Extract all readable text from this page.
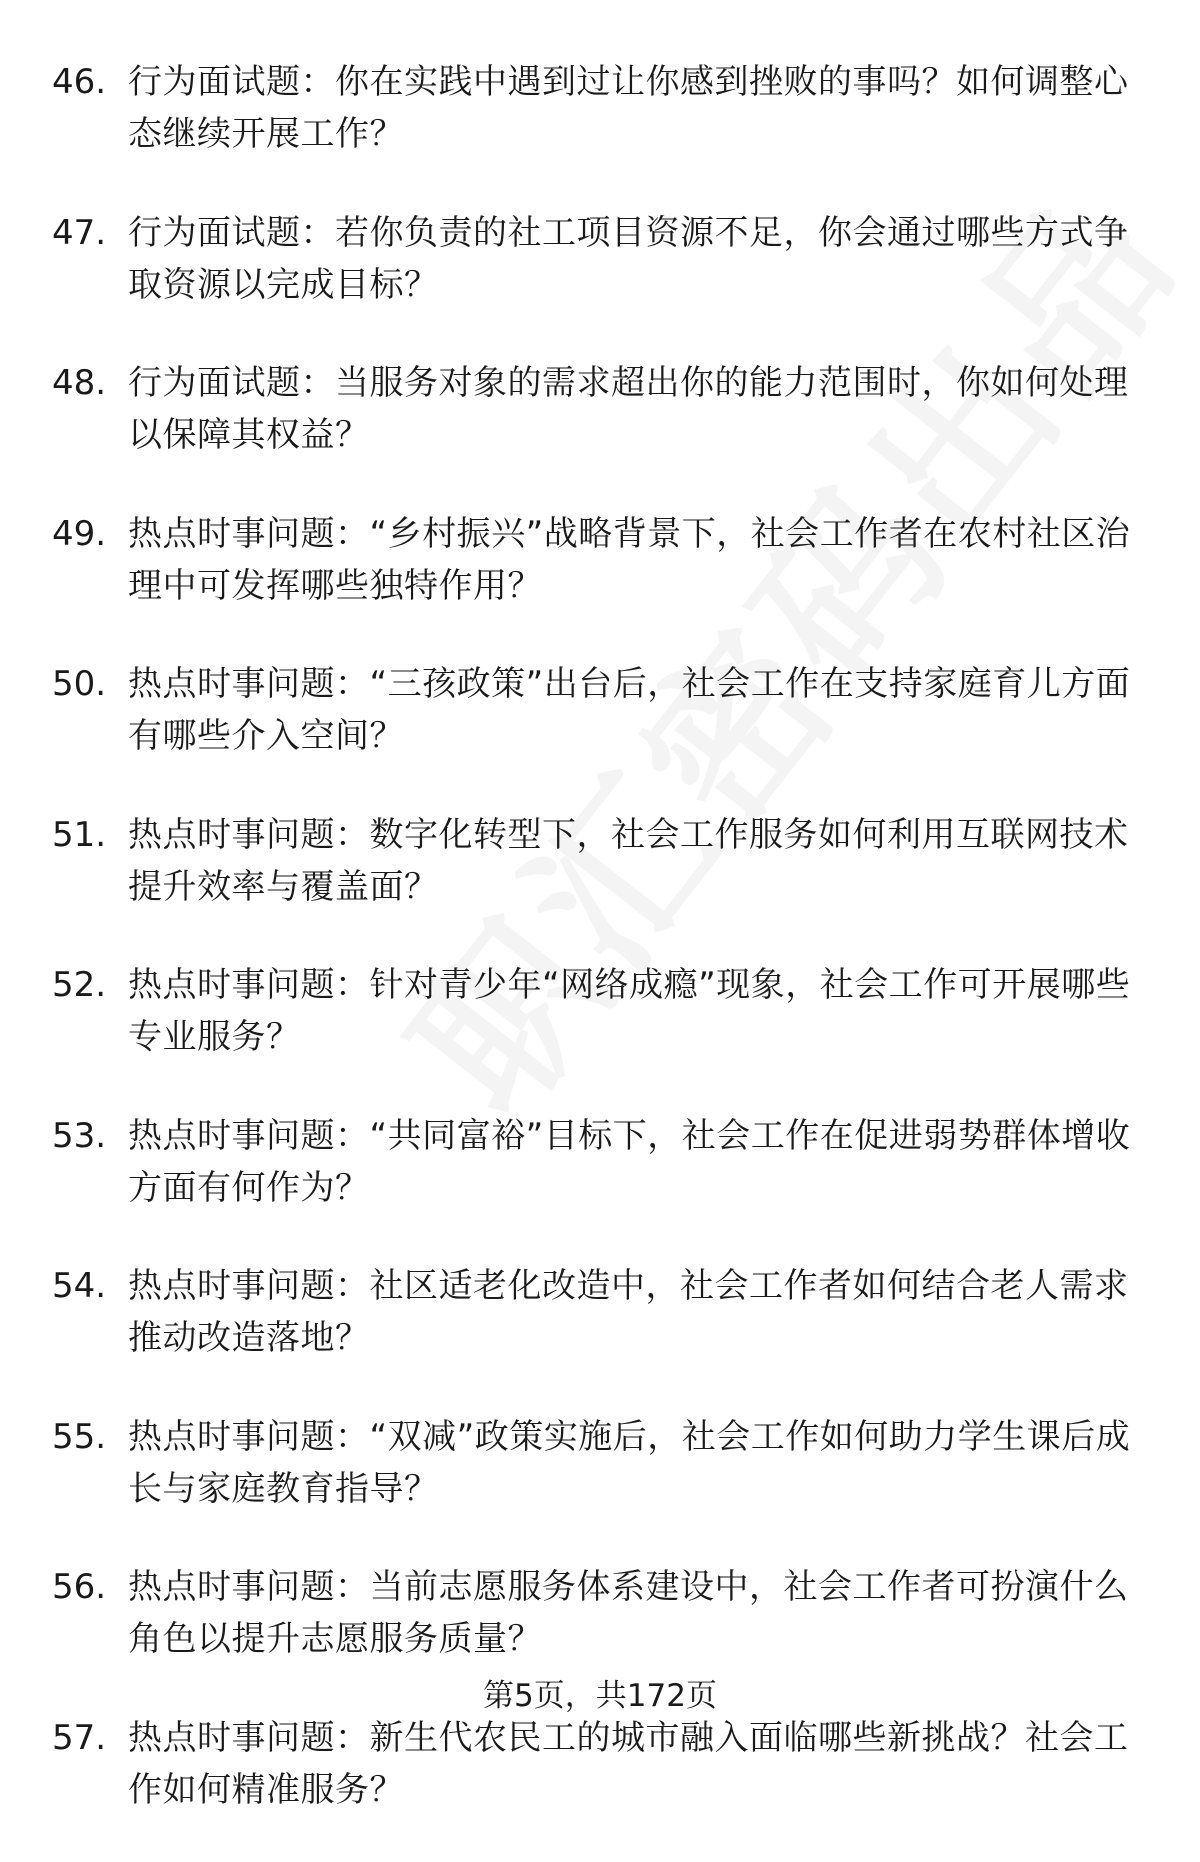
46. 行为面试题：你在实践中遇到过让你感到挫败的事吗？如何调整心态继续开展工作？
47. 行为面试题：若你负责的社工项目资源不足，你会通过哪些方式争取资源以完成目标？
48. 行为面试题：当服务对象的需求超出你的能力范围时，你如何处理以保障其权益？
49. 热点时事问题：“乡村振兴”战略背景下，社会工作者在农村社区治理中可发挥哪些独特作用？
50. 热点时事问题：“三孩政策”出台后，社会工作在支持家庭育儿方面有哪些介入空间？
51. 热点时事问题：数字化转型下，社会工作服务如何利用互联网技术提升效率与覆盖面？
52. 热点时事问题：针对青少年“网络成瘾”现象，社会工作可开展哪些专业服务？
53. 热点时事问题：“共同富裕”目标下，社会工作在促进弱势群体增收方面有何作为？
54. 热点时事问题：社区适老化改造中，社会工作者如何结合老人需求推动改造落地？
55. 热点时事问题：“双减”政策实施后，社会工作如何助力学生课后成长与家庭教育指导？
56. 热点时事问题：当前志愿服务体系建设中，社会工作者可扮演什么角色以提升志愿服务质量？
57. 热点时事问题：新生代农民工的城市融入面临哪些新挑战？社会工作如何精准服务？
第5页，共172页
